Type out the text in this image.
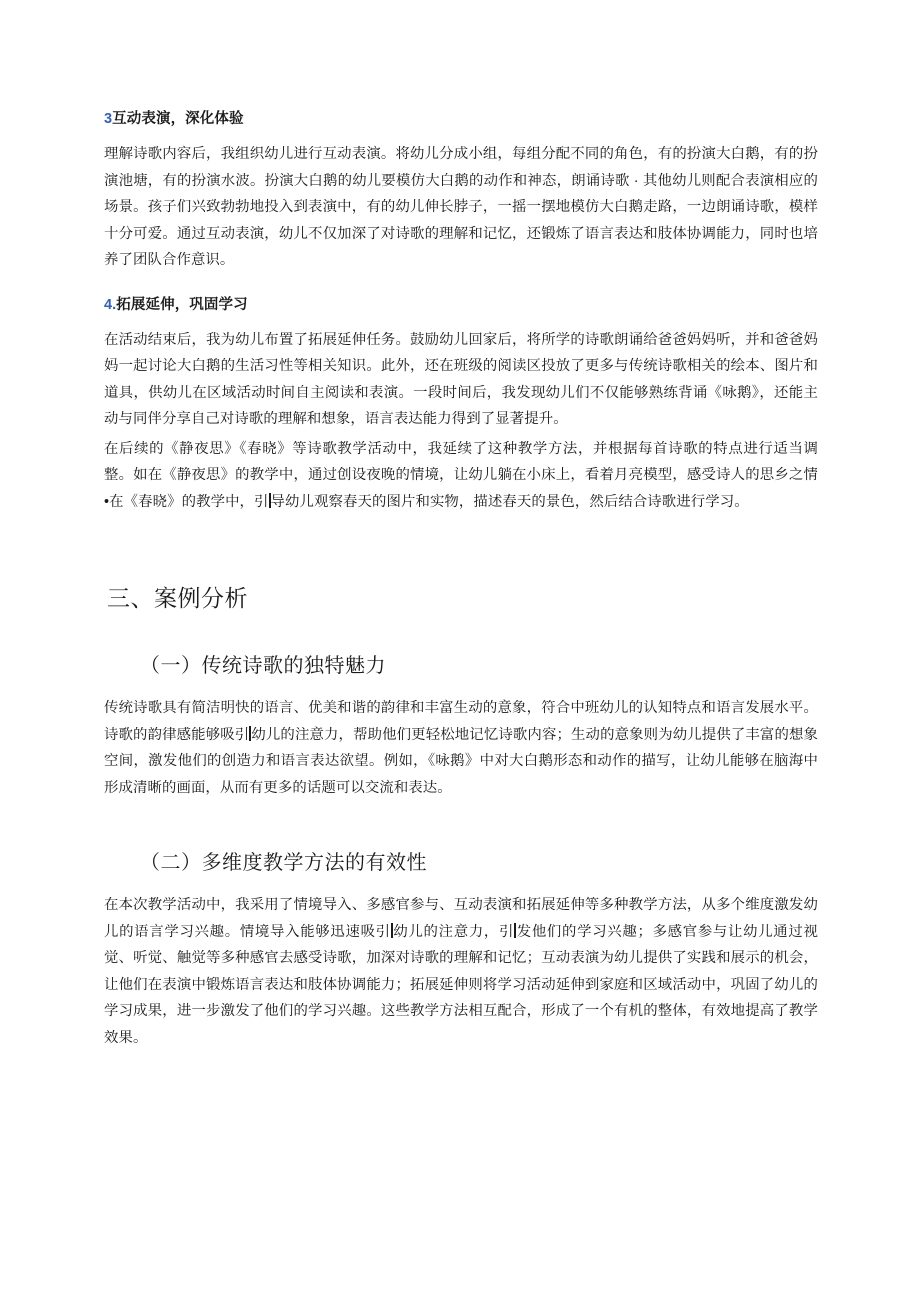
3互动表演，深化体验

理解诗歌内容后，我组织幼儿进行互动表演。将幼儿分成小组，每组分配不同的角色，有的扮演大白鹅，有的扮演池塘，有的扮演水波。扮演大白鹅的幼儿要模仿大白鹅的动作和神态，朗诵诗歌 · 其他幼儿则配合表演相应的场景。孩子们兴致勃勃地投入到表演中，有的幼儿伸长脖子，一摇一摆地模仿大白鹅走路，一边朗诵诗歌，模样十分可爱。通过互动表演，幼儿不仅加深了对诗歌的理解和记忆，还锻炼了语言表达和肢体协调能力，同时也培养了团队合作意识。

4.拓展延伸，巩固学习

在活动结束后，我为幼儿布置了拓展延伸任务。鼓励幼儿回家后，将所学的诗歌朗诵给爸爸妈妈听，并和爸爸妈妈一起讨论大白鹅的生活习性等相关知识。此外，还在班级的阅读区投放了更多与传统诗歌相关的绘本、图片和道具，供幼儿在区域活动时间自主阅读和表演。一段时间后，我发现幼儿们不仅能够熟练背诵《咏鹅》，还能主动与同伴分享自己对诗歌的理解和想象，语言表达能力得到了显著提升。

在后续的《静夜思》《春晓》等诗歌教学活动中，我延续了这种教学方法，并根据每首诗歌的特点进行适当调整。如在《静夜思》的教学中，通过创设夜晚的情境，让幼儿躺在小床上，看着月亮模型，感受诗人的思乡之情•在《春晓》的教学中，引 导幼儿观察春天的图片和实物，描述春天的景色，然后结合诗歌进行学习。

三、案例分析
（一）传统诗歌的独特魅力

传统诗歌具有简洁明快的语言、优美和谐的韵律和丰富生动的意象，符合中班幼儿的认知特点和语言发展水平。诗歌的韵律感能够吸引 幼儿的注意力，帮助他们更轻松地记忆诗歌内容；生动的意象则为幼儿提供了丰富的想象空间，激发他们的创造力和语言表达欲望。例如，《咏鹅》中对大白鹅形态和动作的描写，让幼儿能够在脑海中形成清晰的画面，从而有更多的话题可以交流和表达。

（二）多维度教学方法的有效性

在本次教学活动中，我采用了情境导入、多感官参与、互动表演和拓展延伸等多种教学方法，从多个维度激发幼儿的语言学习兴趣。情境导入能够迅速吸引 幼儿的注意力，引 发他们的学习兴趣；多感官参与让幼儿通过视觉、听觉、触觉等多种感官去感受诗歌，加深对诗歌的理解和记忆；互动表演为幼儿提供了实践和展示的机会，让他们在表演中锻炼语言表达和肢体协调能力；拓展延伸则将学习活动延伸到家庭和区域活动中，巩固了幼儿的学习成果，进一步激发了他们的学习兴趣。这些教学方法相互配合，形成了一个有机的整体，有效地提高了教学效果。
